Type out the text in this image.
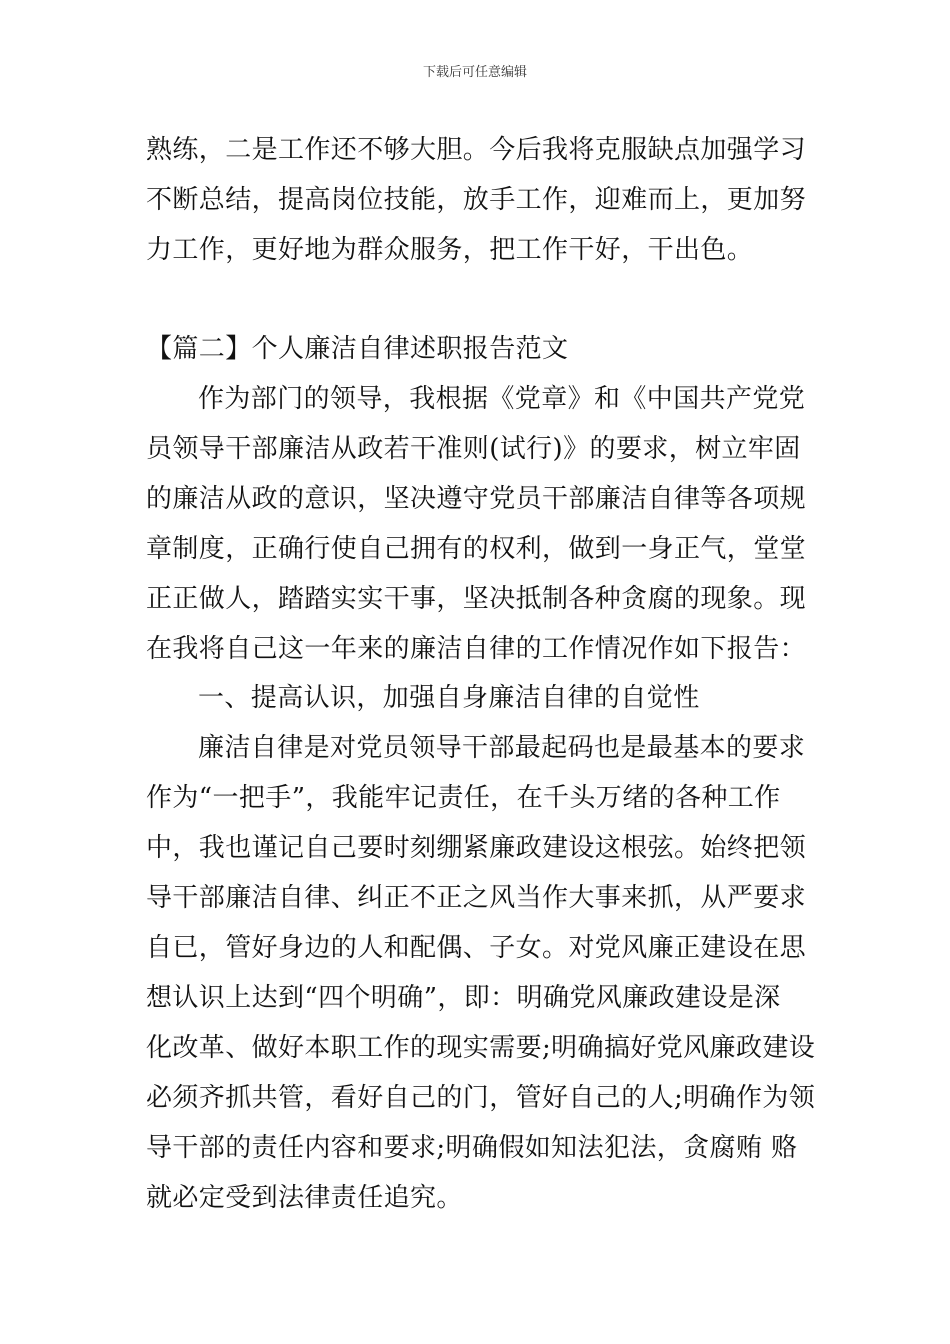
下载后可任意编辑
熟练，二是工作还不够大胆。今后我将克服缺点加强学习
不断总结，提高岗位技能，放手工作，迎难而上，更加努
力工作，更好地为群众服务，把工作干好，干出色。
【篇二】个人廉洁自律述职报告范文
作为部门的领导，我根据《党章》和《中国共产党党
员领导干部廉洁从政若干准则(试行)》的要求，树立牢固
的廉洁从政的意识，坚决遵守党员干部廉洁自律等各项规
章制度，正确行使自己拥有的权利，做到一身正气，堂堂
正正做人，踏踏实实干事，坚决抵制各种贪腐的现象。现
在我将自己这一年来的廉洁自律的工作情况作如下报告：
一、提高认识，加强自身廉洁自律的自觉性
廉洁自律是对党员领导干部最起码也是最基本的要求
作为“一把手”，我能牢记责任，在千头万绪的各种工作
中，我也谨记自己要时刻绷紧廉政建设这根弦。始终把领
导干部廉洁自律、纠正不正之风当作大事来抓，从严要求
自已，管好身边的人和配偶、子女。对党风廉正建设在思
想认识上达到“四个明确”，即：明确党风廉政建设是深
化改革、做好本职工作的现实需要;明确搞好党风廉政建设
必须齐抓共管，看好自己的门，管好自己的人;明确作为领
导干部的责任内容和要求;明确假如知法犯法，贪腐贿 赂
就必定受到法律责任追究。
